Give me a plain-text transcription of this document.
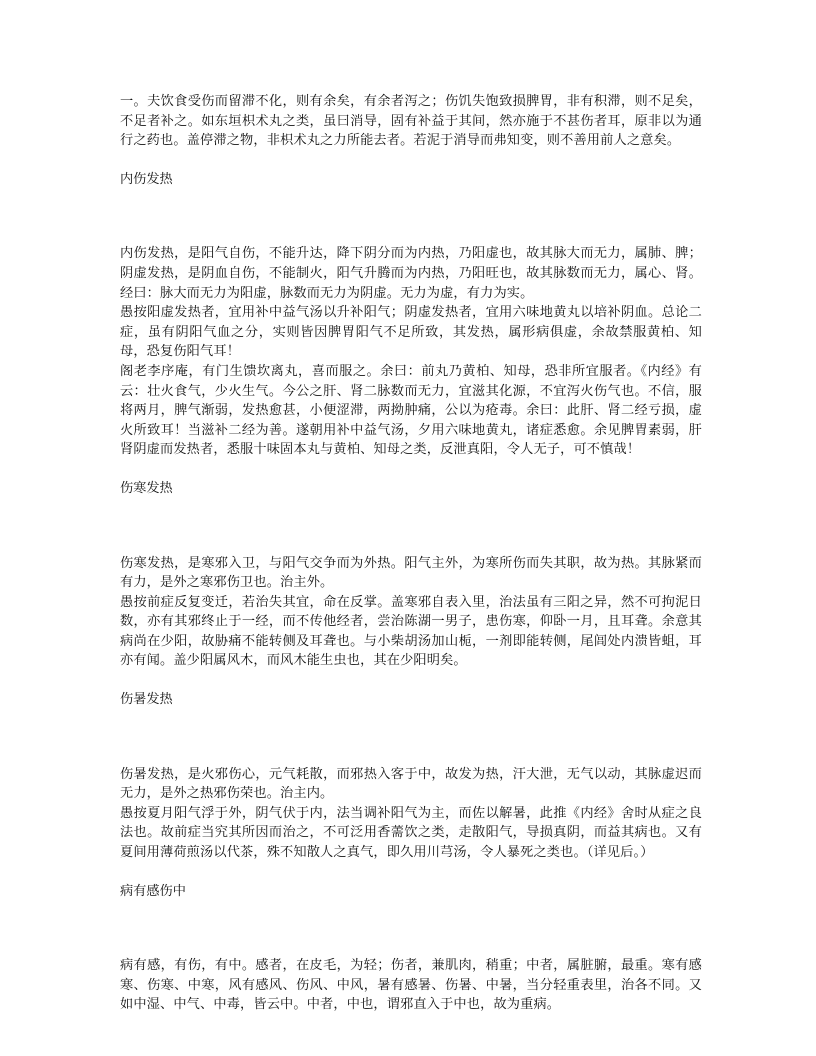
一。夫饮食受伤而留滞不化，则有余矣，有余者泻之；伤饥失饱致损脾胃，非有积滞，则不足矣，不足者补之。如东垣枳术丸之类，虽曰消导，固有补益于其间，然亦施于不甚伤者耳，原非以为通行之药也。盖停滞之物，非枳术丸之力所能去者。若泥于消导而弗知变，则不善用前人之意矣。

内伤发热

内伤发热，是阳气自伤，不能升达，降下阴分而为内热，乃阳虚也，故其脉大而无力，属肺、脾；阴虚发热，是阴血自伤，不能制火，阳气升腾而为内热，乃阳旺也，故其脉数而无力，属心、肾。经曰：脉大而无力为阳虚，脉数而无力为阴虚。无力为虚，有力为实。

愚按阳虚发热者，宜用补中益气汤以升补阳气；阴虚发热者，宜用六味地黄丸以培补阴血。总论二症，虽有阴阳气血之分，实则皆因脾胃阳气不足所致，其发热，属形病俱虚，余故禁服黄柏、知母，恐复伤阳气耳！

阁老李序庵，有门生馈坎离丸，喜而服之。余曰：前丸乃黄柏、知母，恐非所宜服者。《内经》有云：壮火食气，少火生气。今公之肝、肾二脉数而无力，宜滋其化源，不宜泻火伤气也。不信，服将两月，脾气渐弱，发热愈甚，小便涩滞，两拗肿痛，公以为疮毒。余曰：此肝、肾二经亏损，虚火所致耳！当滋补二经为善。遂朝用补中益气汤，夕用六味地黄丸，诸症悉愈。余见脾胃素弱，肝肾阴虚而发热者，悉服十味固本丸与黄柏、知母之类，反泄真阳，令人无子，可不慎哉！

伤寒发热

伤寒发热，是寒邪入卫，与阳气交争而为外热。阳气主外，为寒所伤而失其职，故为热。其脉紧而有力，是外之寒邪伤卫也。治主外。

愚按前症反复变迁，若治失其宜，命在反掌。盖寒邪自表入里，治法虽有三阳之异，然不可拘泥日数，亦有其邪终止于一经，而不传他经者，尝治陈湖一男子，患伤寒，仰卧一月，且耳聋。余意其病尚在少阳，故胁痛不能转侧及耳聋也。与小柴胡汤加山栀，一剂即能转侧，尾闾处内溃皆蛆，耳亦有闻。盖少阳属风木，而风木能生虫也，其在少阳明矣。

伤暑发热

伤暑发热，是火邪伤心，元气耗散，而邪热入客于中，故发为热，汗大泄，无气以动，其脉虚迟而无力，是外之热邪伤荣也。治主内。

愚按夏月阳气浮于外，阴气伏于内，法当调补阳气为主，而佐以解暑，此推《内经》舍时从症之良法也。故前症当究其所因而治之，不可泛用香薷饮之类，走散阳气，导损真阴，而益其病也。又有夏间用薄荷煎汤以代茶，殊不知散人之真气，即久用川芎汤，令人暴死之类也。（详见后。）

病有感伤中

病有感，有伤，有中。感者，在皮毛，为轻；伤者，兼肌肉，稍重；中者，属脏腑，最重。寒有感寒、伤寒、中寒，风有感风、伤风、中风，暑有感暑、伤暑、中暑，当分轻重表里，治各不同。又如中湿、中气、中毒，皆云中。中者，中也，谓邪直入于中也，故为重病。
